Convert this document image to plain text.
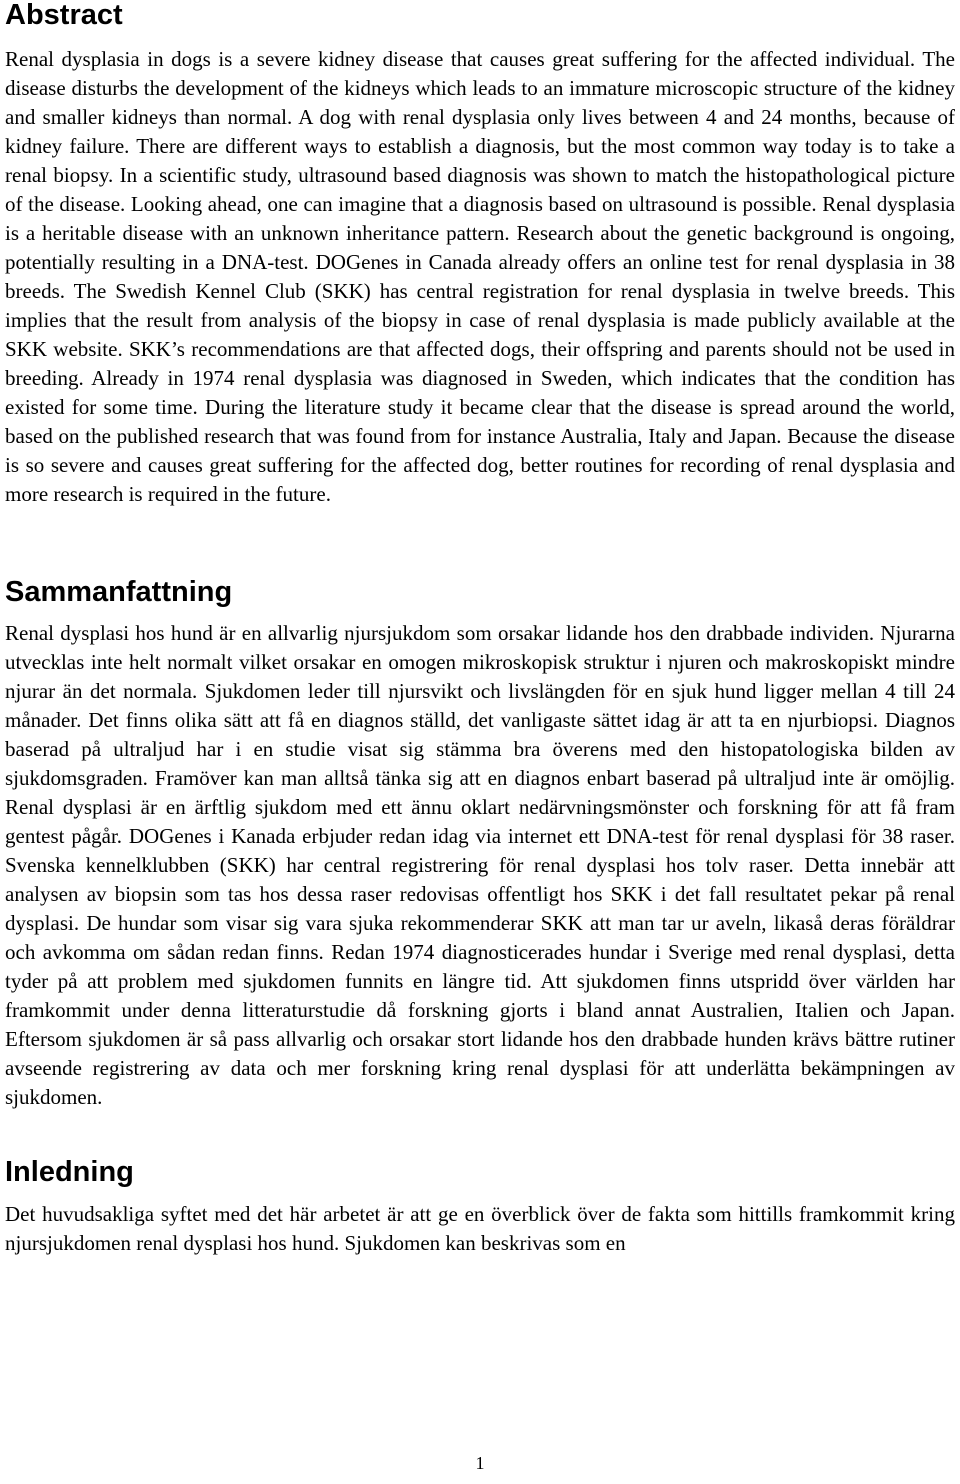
Abstract

Renal dysplasia in dogs is a severe kidney disease that causes great suffering for the affected individual. The disease disturbs the development of the kidneys which leads to an immature microscopic structure of the kidney and smaller kidneys than normal. A dog with renal dysplasia only lives between 4 and 24 months, because of kidney failure. There are different ways to establish a diagnosis, but the most common way today is to take a renal biopsy. In a scientific study, ultrasound based diagnosis was shown to match the histopathological picture of the disease. Looking ahead, one can imagine that a diagnosis based on ultrasound is possible. Renal dysplasia is a heritable disease with an unknown inheritance pattern. Research about the genetic background is ongoing, potentially resulting in a DNA-test. DOGenes in Canada already offers an online test for renal dysplasia in 38 breeds. The Swedish Kennel Club (SKK) has central registration for renal dysplasia in twelve breeds. This implies that the result from analysis of the biopsy in case of renal dysplasia is made publicly available at the SKK website. SKK’s recommendations are that affected dogs, their offspring and parents should not be used in breeding. Already in 1974 renal dysplasia was diagnosed in Sweden, which indicates that the condition has existed for some time. During the literature study it became clear that the disease is spread around the world, based on the published research that was found from for instance Australia, Italy and Japan. Because the disease is so severe and causes great suffering for the affected dog, better routines for recording of renal dysplasia and more research is required in the future.

Sammanfattning

Renal dysplasi hos hund är en allvarlig njursjukdom som orsakar lidande hos den drabbade individen. Njurarna utvecklas inte helt normalt vilket orsakar en omogen mikroskopisk struktur i njuren och makroskopiskt mindre njurar än det normala. Sjukdomen leder till njursvikt och livslängden för en sjuk hund ligger mellan 4 till 24 månader. Det finns olika sätt att få en diagnos ställd, det vanligaste sättet idag är att ta en njurbiopsi. Diagnos baserad på ultraljud har i en studie visat sig stämma bra överens med den histopatologiska bilden av sjukdomsgraden. Framöver kan man alltså tänka sig att en diagnos enbart baserad på ultraljud inte är omöjlig. Renal dysplasi är en ärftlig sjukdom med ett ännu oklart nedärvningsmönster och forskning för att få fram gentest pågår. DOGenes i Kanada erbjuder redan idag via internet ett DNA-test för renal dysplasi för 38 raser. Svenska kennelklubben (SKK) har central registrering för renal dysplasi hos tolv raser. Detta innebär att analysen av biopsin som tas hos dessa raser redovisas offentligt hos SKK i det fall resultatet pekar på renal dysplasi. De hundar som visar sig vara sjuka rekommenderar SKK att man tar ur aveln, likaså deras föräldrar och avkomma om sådan redan finns. Redan 1974 diagnosticerades hundar i Sverige med renal dysplasi, detta tyder på att problem med sjukdomen funnits en längre tid. Att sjukdomen finns utspridd över världen har framkommit under denna litteraturstudie då forskning gjorts i bland annat Australien, Italien och Japan. Eftersom sjukdomen är så pass allvarlig och orsakar stort lidande hos den drabbade hunden krävs bättre rutiner avseende registrering av data och mer forskning kring renal dysplasi för att underlätta bekämpningen av sjukdomen.

Inledning

Det huvudsakliga syftet med det här arbetet är att ge en överblick över de fakta som hittills framkommit kring njursjukdomen renal dysplasi hos hund. Sjukdomen kan beskrivas som en

1
